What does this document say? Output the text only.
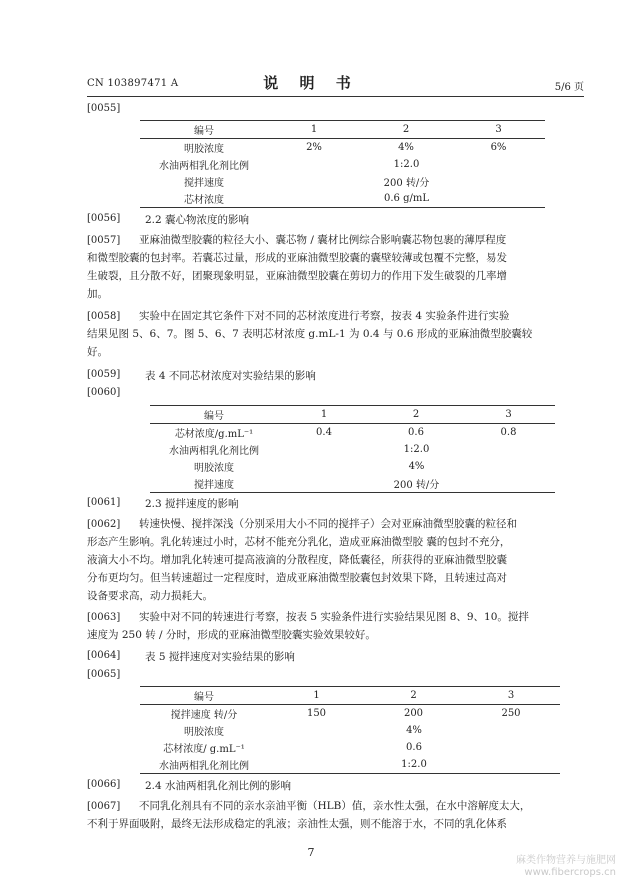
CN 103897471 A	说 明 书	5/6 页
[0055]
编号	1	2	3
明胶浓度	2%	4%	6%
水油两相乳化剂比例	1:2.0		
搅拌速度	200 转/分		
芯材浓度	0.6 g/mL		
[0056] 2.2 囊心物浓度的影响
[0057]	亚麻油微型胶囊的粒径大小、囊芯物 / 囊材比例综合影响囊芯物包裹的薄厚程度
和微型胶囊的包封率。若囊芯过量，形成的亚麻油微型胶囊的囊壁较薄或包覆不完整，易发
生破裂，且分散不好，团聚现象明显，亚麻油微型胶囊在剪切力的作用下发生破裂的几率增
加。
[0058]	实验中在固定其它条件下对不同的芯材浓度进行考察，按表 4 实验条件进行实验
结果见图 5、6、7。图 5、6、7 表明芯材浓度 g.mL-1 为 0.4 与 0.6 形成的亚麻油微型胶囊较
好。
[0059] 表 4 不同芯材浓度对实验结果的影响
[0060]
编号	1	2	3
芯材浓度/g.mL⁻¹	0.4	0.6	0.8
水油两相乳化剂比例	1:2.0		
明胶浓度	4%		
搅拌速度	200 转/分		
[0061] 2.3 搅拌速度的影响
[0062]	转速快慢、搅拌深浅（分别采用大小不同的搅拌子）会对亚麻油微型胶囊的粒径和
形态产生影响。乳化转速过小时，芯材不能充分乳化，造成亚麻油微型胶 囊的包封不充分，
液滴大小不均。增加乳化转速可提高液滴的分散程度，降低囊径，所获得的亚麻油微型胶囊
分布更均匀。但当转速超过一定程度时，造成亚麻油微型胶囊包封效果下降，且转速过高对
设备要求高，动力损耗大。
[0063]	实验中对不同的转速进行考察，按表 5 实验条件进行实验结果见图 8、9、10。搅拌
速度为 250 转 / 分时，形成的亚麻油微型胶囊实验效果较好。
[0064] 表 5 搅拌速度对实验结果的影响
[0065]
编号	1	2	3
搅拌速度 转/分	150	200	250
明胶浓度	4%		
芯材浓度/ g.mL⁻¹	0.6		
水油两相乳化剂比例	1:2.0		
[0066] 2.4 水油两相乳化剂比例的影响
[0067]	不同乳化剂具有不同的亲水亲油平衡（HLB）值，亲水性太强，在水中溶解度太大，
不利于界面吸附，最终无法形成稳定的乳液；亲油性太强，则不能溶于水，不同的乳化体系
7
麻类作物营养与施肥网
www.fibercrops.cn
